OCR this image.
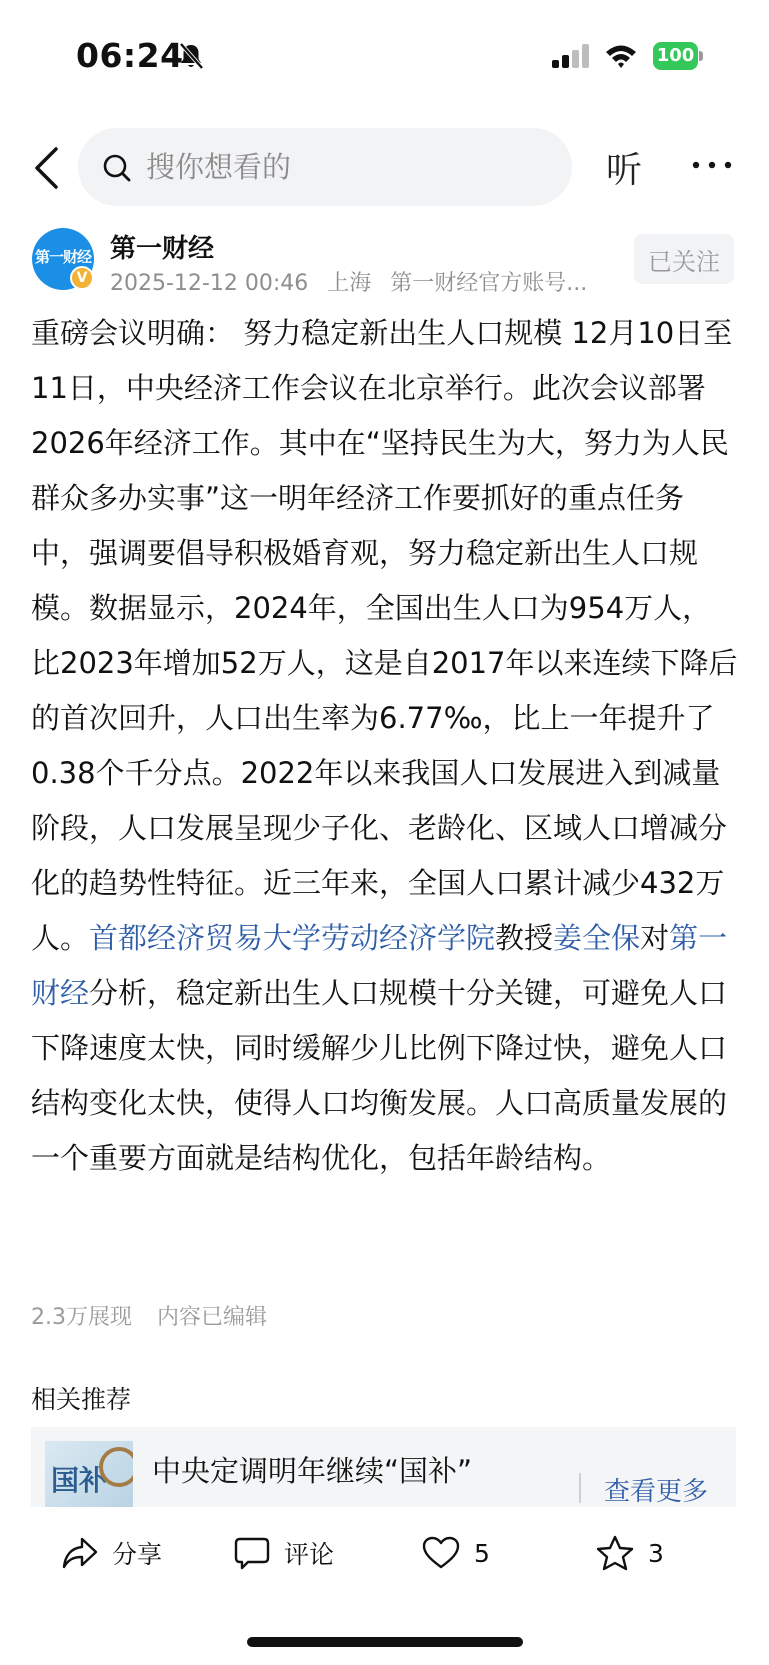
06:24	100
搜你想看的
听
第一财经
V
第一财经
2025-12-12 00:46 上海 第一财经官方账号...
已关注
重磅会议明确： 努力稳定新出生人口规模 12月10日至11日，中央经济工作会议在北京举行。此次会议部署2026年经济工作。其中在“坚持民生为大，努力为人民群众多办实事”这一明年经济工作要抓好的重点任务中，强调要倡导积极婚育观，努力稳定新出生人口规模。数据显示，2024年，全国出生人口为954万人，比2023年增加52万人，这是自2017年以来连续下降后的首次回升，人口出生率为6.77‰，比上一年提升了0.38个千分点。2022年以来我国人口发展进入到减量阶段，人口发展呈现少子化、老龄化、区域人口增减分化的趋势性特征。近三年来，全国人口累计减少432万人。首都经济贸易大学劳动经济学院教授姜全保对第一财经分析，稳定新出生人口规模十分关键，可避免人口下降速度太快，同时缓解少儿比例下降过快，避免人口结构变化太快，使得人口均衡发展。人口高质量发展的一个重要方面就是结构优化，包括年龄结构。
2.3万展现 内容已编辑
相关推荐
国补 中央定调明年继续“国补”
查看更多
分享	评论	5	3
